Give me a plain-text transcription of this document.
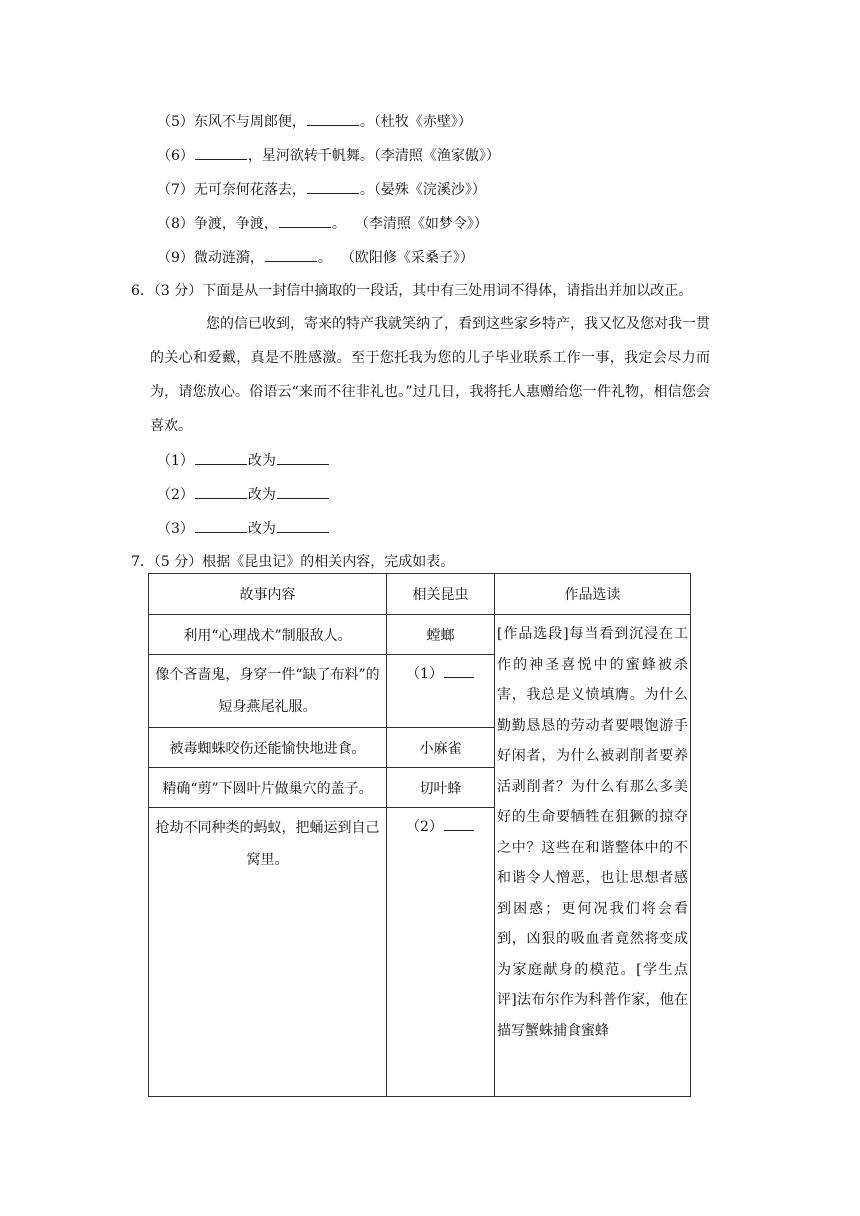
（5）东风不与周郎便，	。（杜牧《赤壁》）
（6）	，星河欲转千帆舞。（李清照《渔家傲》）
（7）无可奈何花落去，	。（晏殊《浣溪沙》）
（8）争渡，争渡，	。  （李清照《如梦令》）
（9）微动涟漪，	。  （欧阳修《采桑子》）
6．（3 分）下面是从一封信中摘取的一段话，其中有三处用词不得体，请指出并加以改正。
您的信已收到，寄来的特产我就笑纳了，看到这些家乡特产，我又忆及您对我一贯的关心和爱戴，真是不胜感激。至于您托我为您的儿子毕业联系工作一事，我定会尽力而为，请您放心。俗语云“来而不往非礼也。”过几日，我将托人惠赠给您一件礼物，相信您会喜欢。
（1）	改为
（2）	改为
（3）	改为
7．（5 分）根据《昆虫记》的相关内容，完成如表。
故事内容	相关昆虫	作品选读
利用“心理战术”制服敌人。	螳螂	[作品选段]每当看到沉浸在工作的神圣喜悦中的蜜蜂被杀害，我总是义愤填膺。为什么勤勤恳恳的劳动者要喂饱游手好闲者，为什么被剥削者要养活剥削者？为什么有那么多美好的生命要牺牲在狙獗的掠夺之中？这些在和谐整体中的不和谐令人憎恶，也让思想者感到困惑；更何况我们将会看到，凶狠的吸血者竟然将变成为家庭献身的模范。[学生点评]法布尔作为科普作家，他在描写蟹蛛捕食蜜蜂
像个吝啬鬼，身穿一件“缺了布料”的短身燕尾礼服。	（1）	
被毒蜘蛛咬伤还能愉快地进食。	小麻雀	
精确“剪”下圆叶片做巢穴的盖子。	切叶蜂	
抢劫不同种类的蚂蚁，把蛹运到自己窝里。	（2）	
